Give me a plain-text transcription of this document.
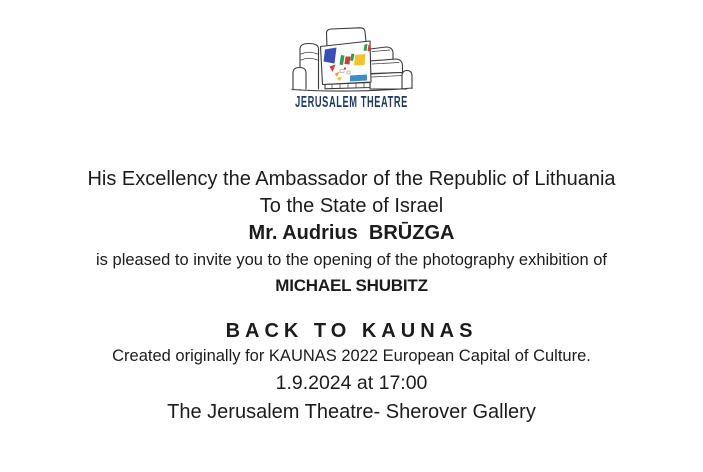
JERUSALEM THEATRE
His Excellency the Ambassador of the Republic of Lithuania
To the State of Israel
Mr. Audrius  BRŪZGA
is pleased to invite you to the opening of the photography exhibition of
MICHAEL SHUBITZ
BACK TO KAUNAS
Created originally for KAUNAS 2022 European Capital of Culture.
1.9.2024 at 17:00
The Jerusalem Theatre- Sherover Gallery
